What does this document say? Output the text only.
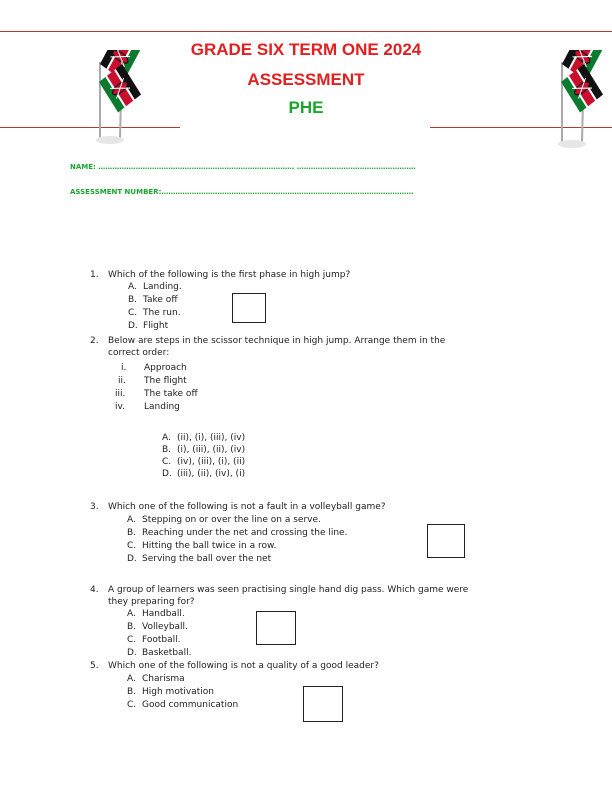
GRADE SIX TERM ONE 2024
ASSESSMENT
PHE
NAME: ………………………………………………………………………… ……………………………………………
ASSESSMENT NUMBER:………………………………………………………………………………………………
1. Which of the following is the first phase in high jump?
A. Landing.
B. Take off
C. The run.
D. Flight
2. Below are steps in the scissor technique in high jump. Arrange them in the
correct order:
i. Approach
ii. The flight
iii. The take off
iv. Landing
A. (ii), (i), (iii), (iv)
B. (i), (iii), (ii), (iv)
C. (iv), (iii), (i), (ii)
D. (iii), (ii), (iv), (i)
3. Which one of the following is not a fault in a volleyball game?
A. Stepping on or over the line on a serve.
B. Reaching under the net and crossing the line.
C. Hitting the ball twice in a row.
D. Serving the ball over the net
4. A group of learners was seen practising single hand dig pass. Which game were
they preparing for?
A. Handball.
B. Volleyball.
C. Football.
D. Basketball.
5. Which one of the following is not a quality of a good leader?
A. Charisma
B. High motivation
C. Good communication
